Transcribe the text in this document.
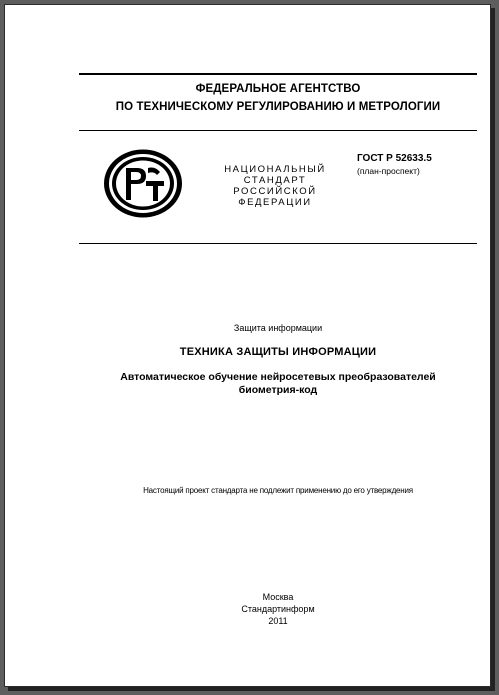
ФЕДЕРАЛЬНОЕ АГЕНТСТВО
ПО ТЕХНИЧЕСКОМУ РЕГУЛИРОВАНИЮ И МЕТРОЛОГИИ
НАЦИОНАЛЬНЫЙ
СТАНДАРТ
РОССИЙСКОЙ
ФЕДЕРАЦИИ
ГОСТ Р 52633.5
(план-проспект)
Защита информации
ТЕХНИКА ЗАЩИТЫ ИНФОРМАЦИИ
Автоматическое обучение нейросетевых преобразователей
биометрия-код
Настоящий проект стандарта не подлежит применению до его утверждения
Москва
Стандартинформ
2011
